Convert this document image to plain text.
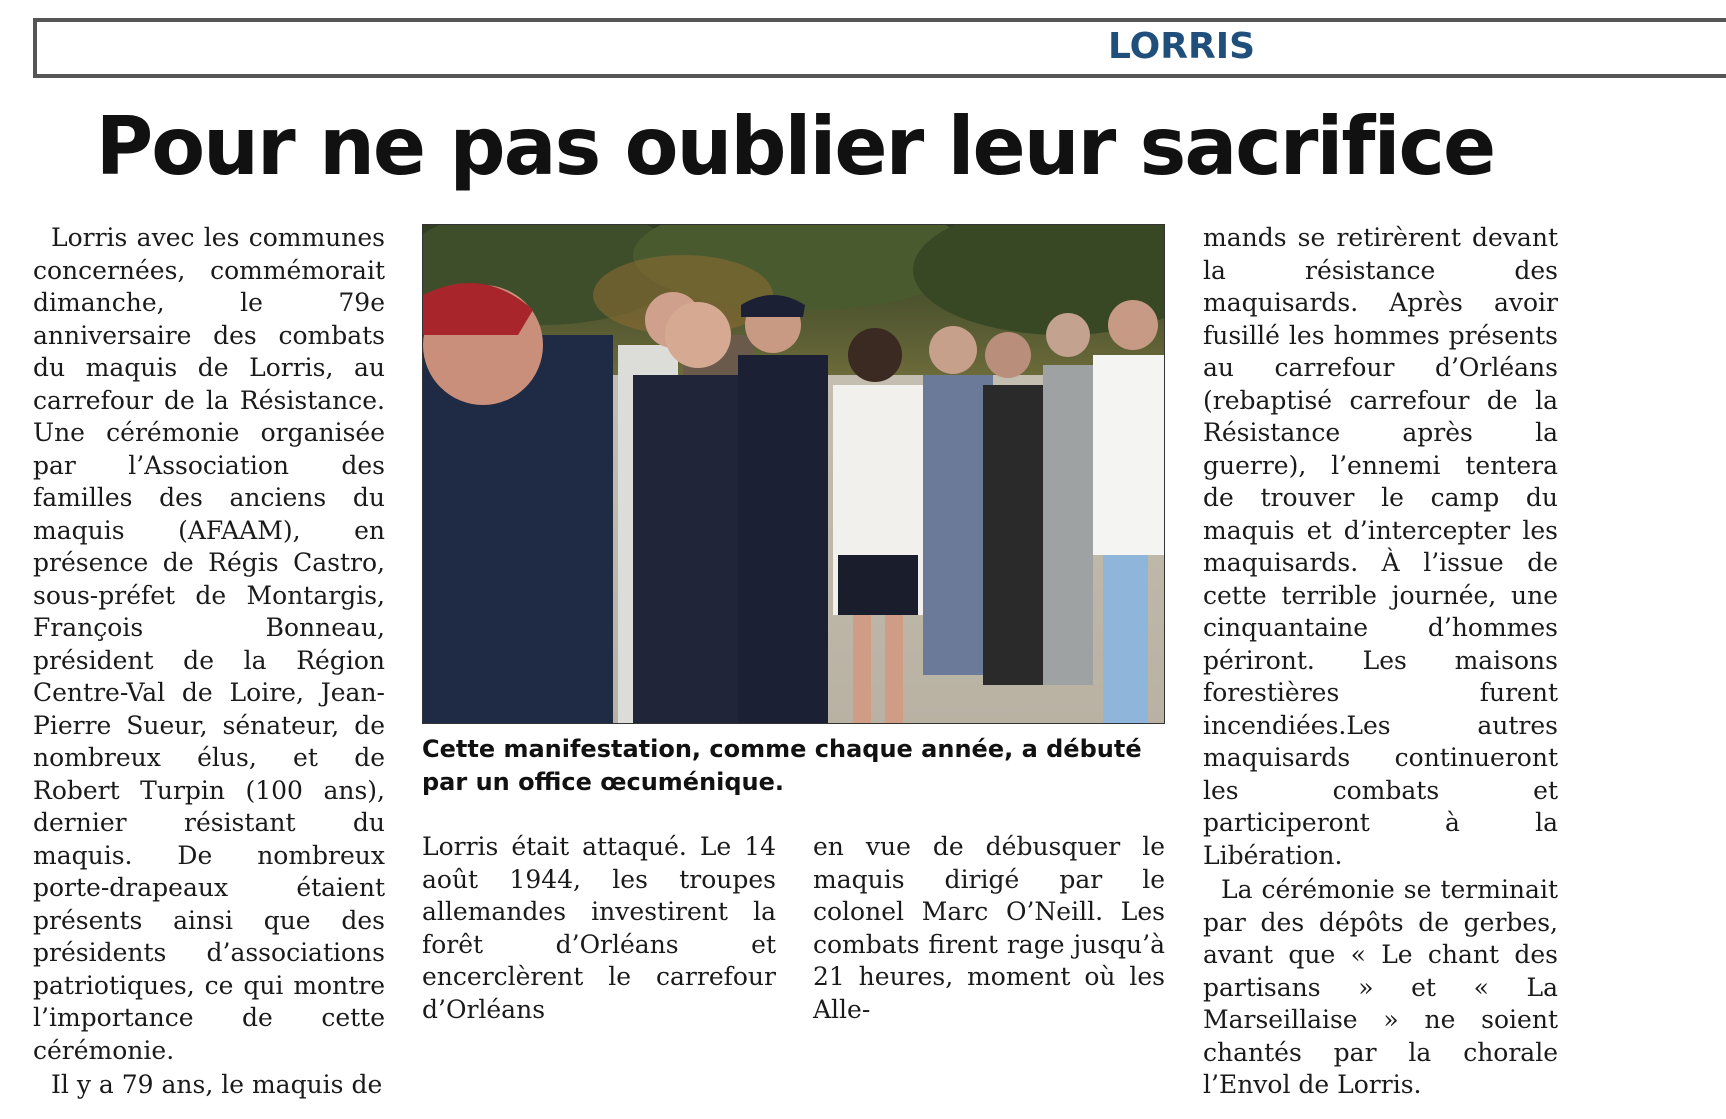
LORRIS
Pour ne pas oublier leur sacrifice

Lorris avec les communes concernées, commémorait dimanche, le 79e anniversaire des combats du maquis de Lorris, au carrefour de la Résistance. Une cérémonie organisée par l’Association des familles des anciens du maquis (AFAAM), en présence de Régis Castro, sous-préfet de Montargis, François Bonneau, président de la Région Centre-Val de Loire, Jean-Pierre Sueur, sénateur, de nombreux élus, et de Robert Turpin (100 ans), dernier résistant du maquis. De nombreux porte-drapeaux étaient présents ainsi que des présidents d’associations patriotiques, ce qui montre l’importance de cette cérémonie.

Il y a 79 ans, le maquis de

Cette manifestation, comme chaque année, a débuté par un office œcuménique.

Lorris était attaqué. Le 14 août 1944, les troupes allemandes investirent la forêt d’Orléans et encerclèrent le carrefour d’Orléans

en vue de débusquer le maquis dirigé par le colonel Marc O’Neill. Les combats firent rage jusqu’à 21 heures, moment où les Alle-

mands se retirèrent devant la résistance des maquisards. Après avoir fusillé les hommes présents au carrefour d’Orléans (rebaptisé carrefour de la Résistance après la guerre), l’ennemi tentera de trouver le camp du maquis et d’intercepter les maquisards. À l’issue de cette terrible journée, une cinquantaine d’hommes périront. Les maisons forestières furent incendiées.Les autres maquisards continueront les combats et participeront à la Libération.

La cérémonie se terminait par des dépôts de gerbes, avant que « Le chant des partisans » et « La Marseillaise » ne soient chantés par la chorale l’Envol de Lorris.
